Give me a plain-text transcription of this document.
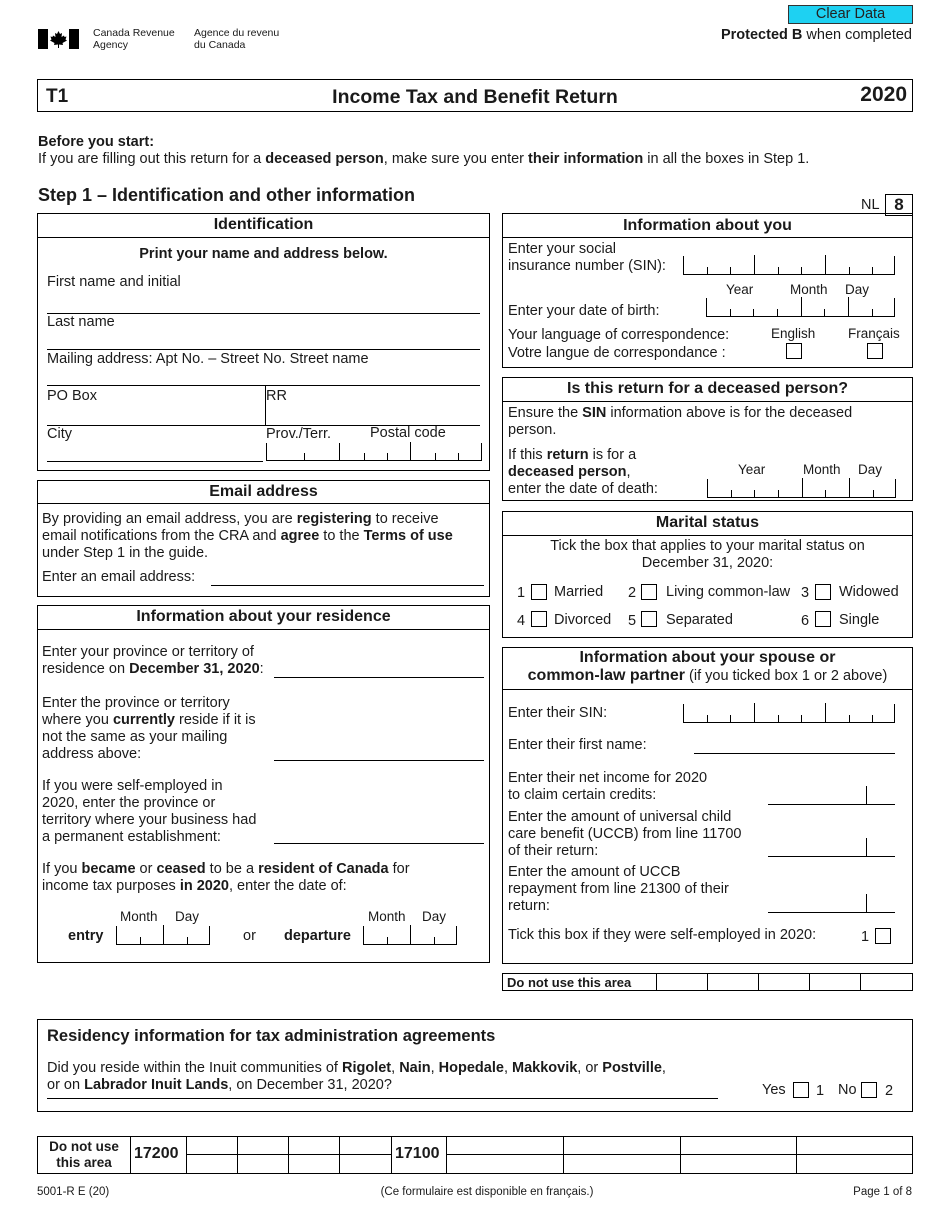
Canada Revenue
Agency
Agence du revenu
du Canada
Clear Data
Protected B when completed
T1	Income Tax and Benefit Return	2020
Before you start:
If you are filling out this return for a deceased person, make sure you enter their information in all the boxes in Step 1.
Step 1 – Identification and other information	NL 8
Identification
Print your name and address below.
First name and initial
Last name
Mailing address: Apt No. – Street No. Street name
PO Box	RR
City	Prov./Terr.	Postal code
Email address
By providing an email address, you are registering to receive
email notifications from the CRA and agree to the Terms of use
under Step 1 in the guide.
Enter an email address:
Information about your residence
Enter your province or territory of
residence on December 31, 2020:
Enter the province or territory
where you currently reside if it is
not the same as your mailing
address above:
If you were self-employed in
2020, enter the province or
territory where your business had
a permanent establishment:
If you became or ceased to be a resident of Canada for
income tax purposes in 2020, enter the date of:
Month Day
entry	or
Month Day
departure
Information about you
Enter your social
insurance number (SIN):
Year	Month Day
Enter your date of birth:
Your language of correspondence:
Votre langue de correspondance :
English Français
Is this return for a deceased person?
Ensure the SIN information above is for the deceased
person.
If this return is for a
deceased person,
enter the date of death:
Year	Month Day
Marital status
Tick the box that applies to your marital status on
December 31, 2020:
1 Married 2 Living common-law 3 Widowed
4 Divorced 5 Separated	6 Single
Information about your spouse or
common-law partner (if you ticked box 1 or 2 above)
Enter their SIN:
Enter their first name:
Enter their net income for 2020
to claim certain credits:
Enter the amount of universal child
care benefit (UCCB) from line 11700
of their return:
Enter the amount of UCCB
repayment from line 21300 of their
return:
Tick this box if they were self-employed in 2020:	1
Do not use this area
Residency information for tax administration agreements
Did you reside within the Inuit communities of Rigolet, Nain, Hopedale, Makkovik, or Postville,
or on Labrador Inuit Lands, on December 31, 2020?	Yes 1 No 2
Do not use
this area
17200	17100
5001-R E (20)	(Ce formulaire est disponible en français.)	Page 1 of 8
